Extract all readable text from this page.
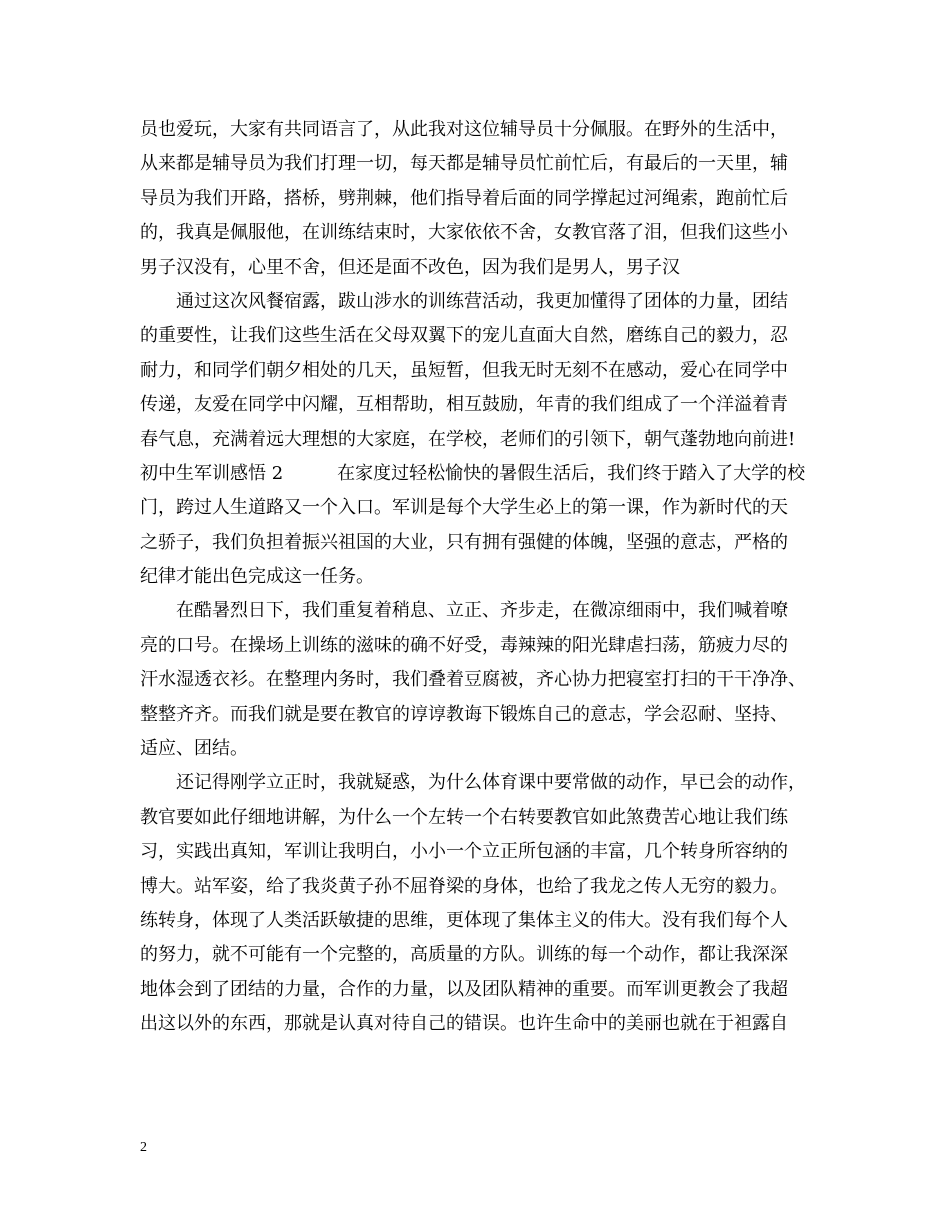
员也爱玩，大家有共同语言了，从此我对这位辅导员十分佩服。在野外的生活中，
从来都是辅导员为我们打理一切，每天都是辅导员忙前忙后，有最后的一天里，辅
导员为我们开路，搭桥，劈荆棘，他们指导着后面的同学撑起过河绳索，跑前忙后
的，我真是佩服他，在训练结束时，大家依依不舍，女教官落了泪，但我们这些小
男子汉没有，心里不舍，但还是面不改色，因为我们是男人，男子汉
　　通过这次风餐宿露，跋山涉水的训练营活动，我更加懂得了团体的力量，团结
的重要性，让我们这些生活在父母双翼下的宠儿直面大自然，磨练自己的毅力，忍
耐力，和同学们朝夕相处的几天，虽短暂，但我无时无刻不在感动，爱心在同学中
传递，友爱在同学中闪耀，互相帮助，相互鼓励，年青的我们组成了一个洋溢着青
春气息，充满着远大理想的大家庭，在学校，老师们的引领下，朝气蓬勃地向前进!
初中生军训感悟 2　　　在家度过轻松愉快的暑假生活后，我们终于踏入了大学的校
门，跨过人生道路又一个入口。军训是每个大学生必上的第一课，作为新时代的天
之骄子，我们负担着振兴祖国的大业，只有拥有强健的体魄，坚强的意志，严格的
纪律才能出色完成这一任务。
　　在酷暑烈日下，我们重复着稍息、立正、齐步走，在微凉细雨中，我们喊着嘹
亮的口号。在操场上训练的滋味的确不好受，毒辣辣的阳光肆虐扫荡，筋疲力尽的
汗水湿透衣衫。在整理内务时，我们叠着豆腐被，齐心协力把寝室打扫的干干净净、
整整齐齐。而我们就是要在教官的谆谆教诲下锻炼自己的意志，学会忍耐、坚持、
适应、团结。
　　还记得刚学立正时，我就疑惑，为什么体育课中要常做的动作，早已会的动作，
教官要如此仔细地讲解，为什么一个左转一个右转要教官如此煞费苦心地让我们练
习，实践出真知，军训让我明白，小小一个立正所包涵的丰富，几个转身所容纳的
博大。站军姿，给了我炎黄子孙不屈脊梁的身体，也给了我龙之传人无穷的毅力。
练转身，体现了人类活跃敏捷的思维，更体现了集体主义的伟大。没有我们每个人
的努力，就不可能有一个完整的，高质量的方队。训练的每一个动作，都让我深深
地体会到了团结的力量，合作的力量，以及团队精神的重要。而军训更教会了我超
出这以外的东西，那就是认真对待自己的错误。也许生命中的美丽也就在于袒露自
2
